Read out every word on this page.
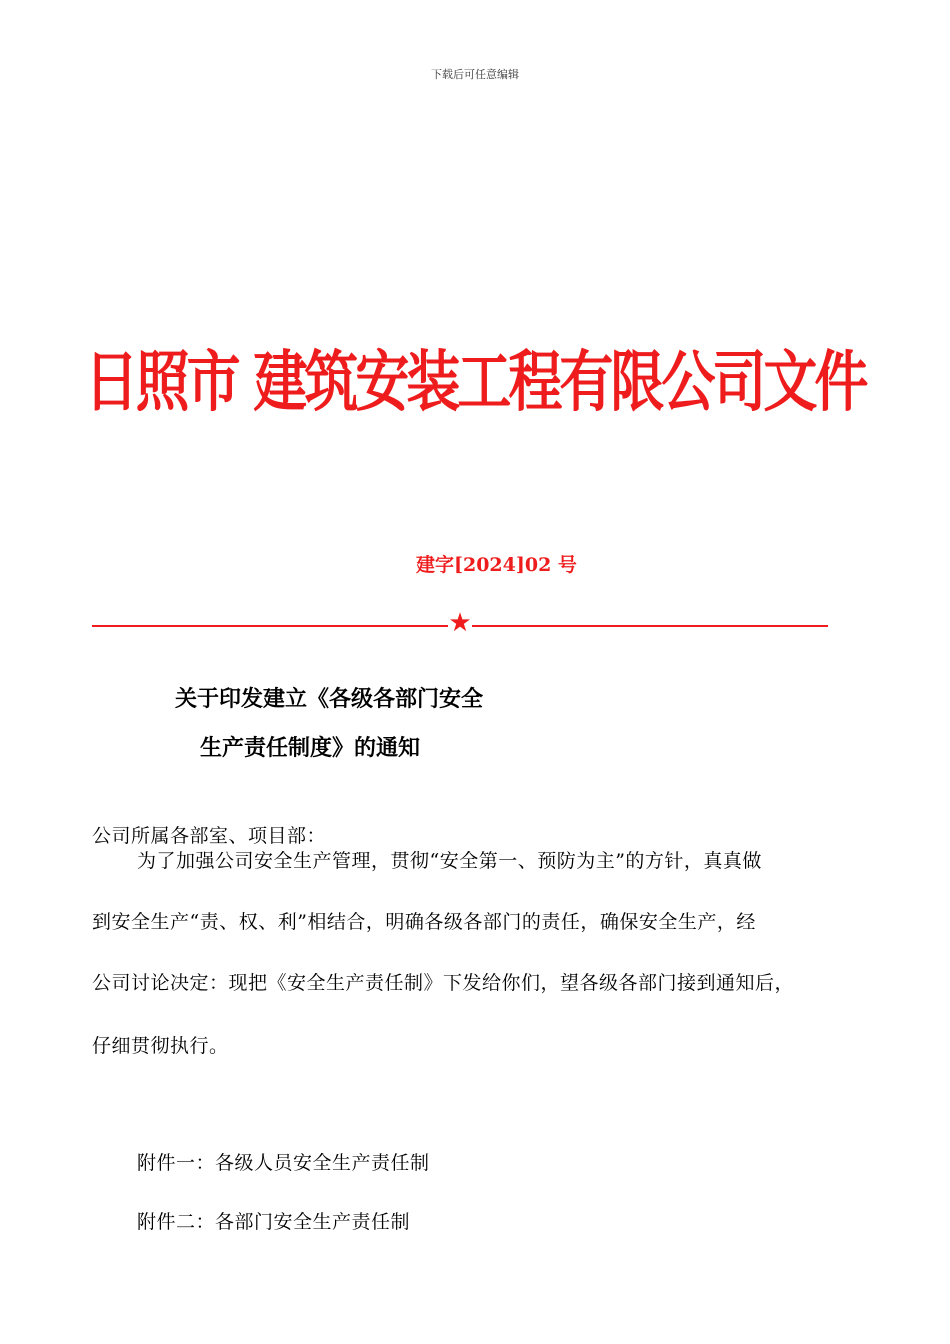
下载后可任意编辑
日照市 建筑安装工程有限公司文件
建字[2024]02 号
★
关于印发建立《各级各部门安全
生产责任制度》的通知
公司所属各部室、项目部：
为了加强公司安全生产管理，贯彻“安全第一、预防为主”的方针，真真做
到安全生产“责、权、利”相结合，明确各级各部门的责任，确保安全生产，经
公司讨论决定：现把《安全生产责任制》下发给你们，望各级各部门接到通知后，
仔细贯彻执行。
附件一：各级人员安全生产责任制
附件二：各部门安全生产责任制
